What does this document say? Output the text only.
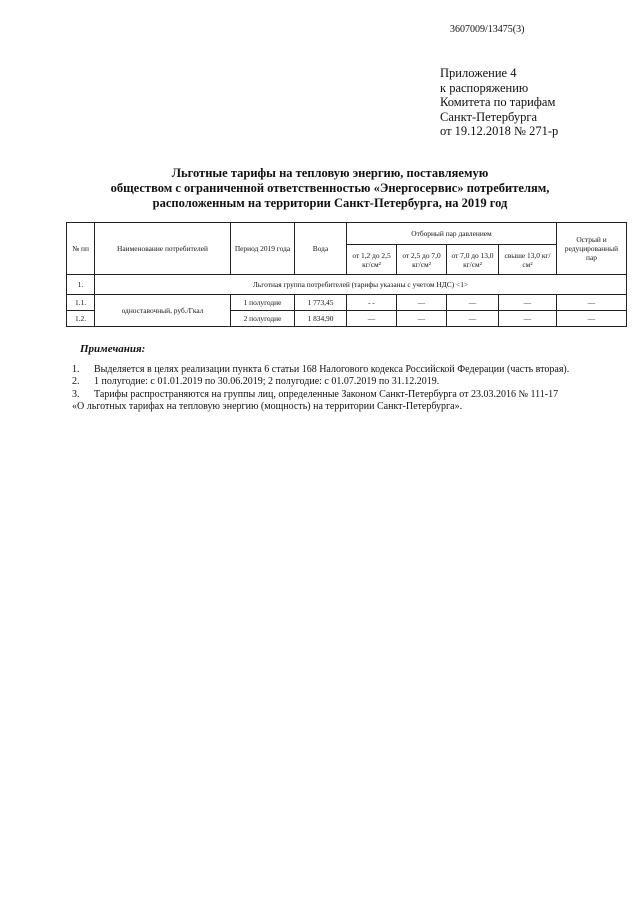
3607009/13475(3)
Приложение 4
к распоряжению
Комитета по тарифам
Санкт-Петербурга
от 19.12.2018 № 271-р
Льготные тарифы на тепловую энергию, поставляемую
обществом с ограниченной ответственностью «Энергосервис» потребителям,
расположенным на территории Санкт-Петербурга, на 2019 год
№ пп	Наименование потребителей	Период 2019 года	Вода	Отборный пар давлением				Острый и редуцированный пар
				от 1,2 до 2,5 кг/см²	от 2,5 до 7,0 кг/см²	от 7,0 до 13,0 кг/см²	свыше 13,0 кг/см²	
1.	Льготная группа потребителей (тарифы указаны с учетом НДС) <1>							
1.1.	одноставочный, руб./Гкал	1 полугодие	1 773,45	- -	—	—	—	—
1.2.		2 полугодие	1 834,90	—	—	—	—	—
Примечания:
1.	Выделяется в целях реализации пункта 6 статьи 168 Налогового кодекса Российской Федерации (часть вторая).
2.	1 полугодие: с 01.01.2019 по 30.06.2019; 2 полугодие: с 01.07.2019 по 31.12.2019.
3.	Тарифы распространяются на группы лиц, определенные Законом Санкт-Петербурга от 23.03.2016 № 111-17
«О льготных тарифах на тепловую энергию (мощность) на территории Санкт-Петербурга».
